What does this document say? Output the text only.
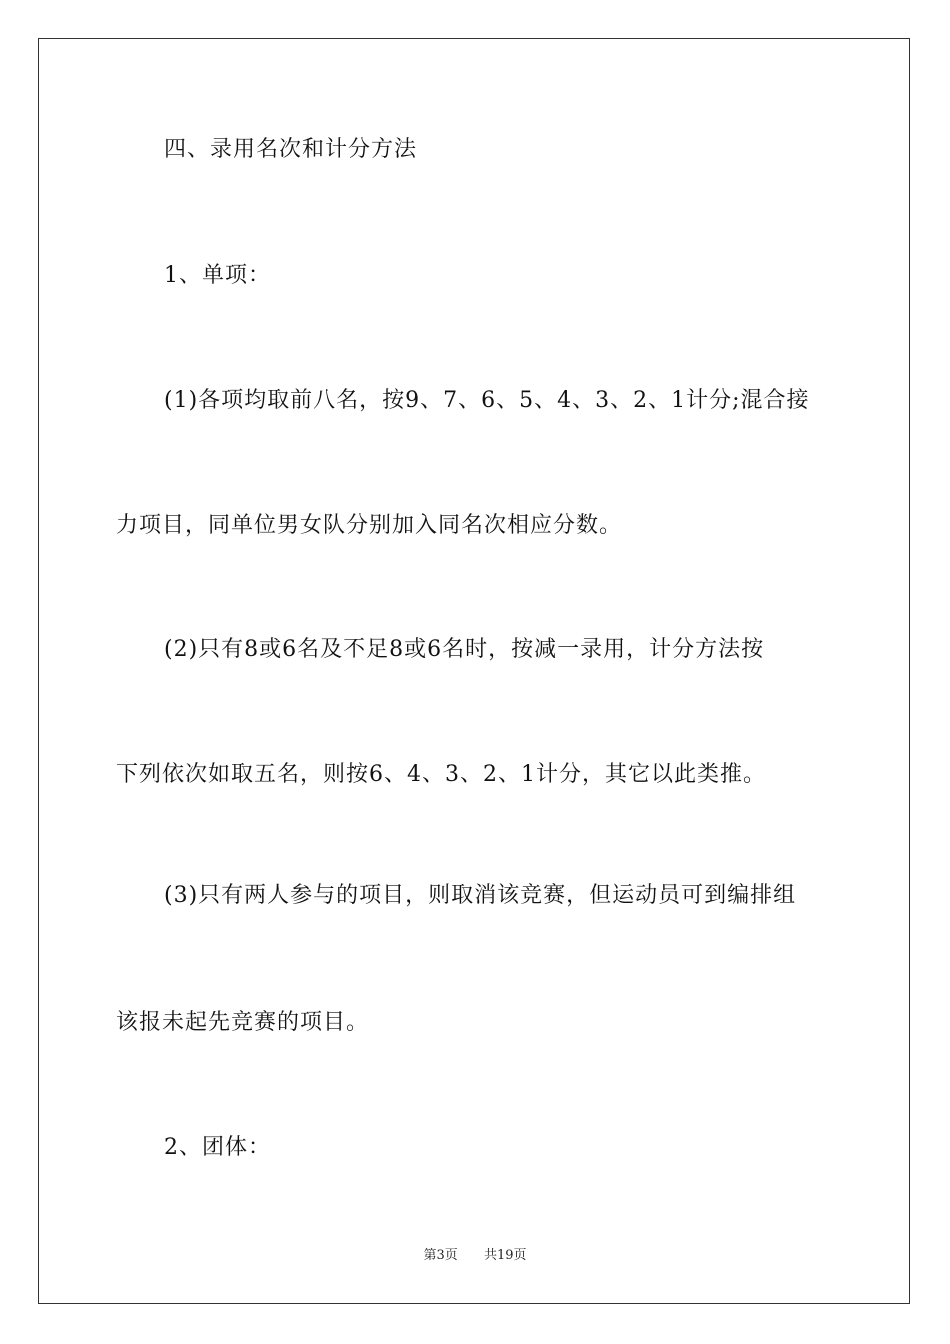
四、录用名次和计分方法

1、单项：

(1)各项均取前八名，按9、7、6、5、4、3、2、1计分;混合接

力项目，同单位男女队分别加入同名次相应分数。

(2)只有8或6名及不足8或6名时，按减一录用，计分方法按

下列依次如取五名，则按6、4、3、2、1计分，其它以此类推。

(3)只有两人参与的项目，则取消该竞赛，但运动员可到编排组

该报未起先竞赛的项目。

2、团体：

第3页 共19页
